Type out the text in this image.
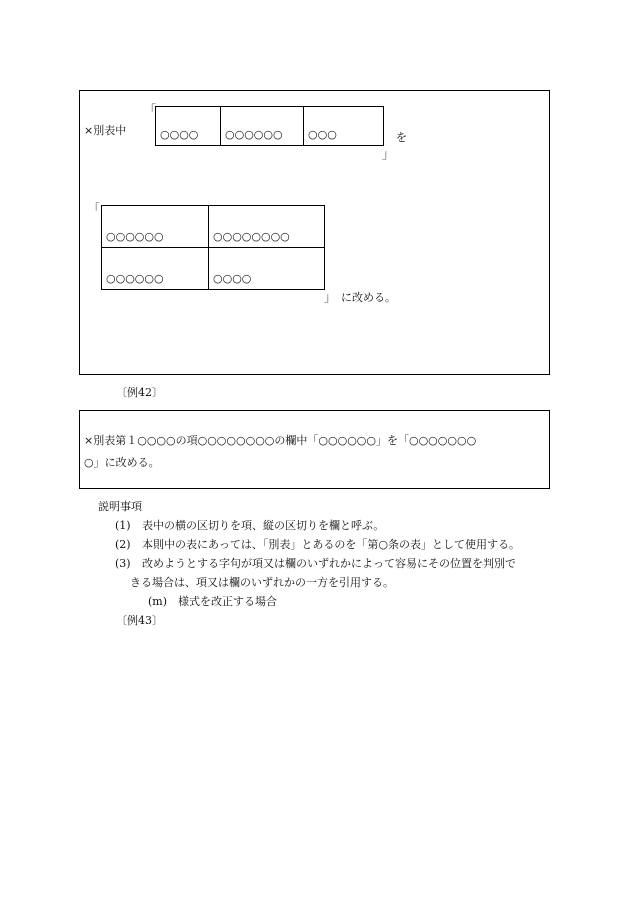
×別表中
「
○○○○	○○○○○○	○○○
」
を
「
○○○○○○	○○○○○○○○

○○○○○○	○○○○
」 に改める。
〔例42〕
×別表第１○○○○の項○○○○○○○○の欄中「○○○○○○」を「○○○○○○○
○」に改める。
説明事項
(1) 表中の横の区切りを項、縦の区切りを欄と呼ぶ。
(2) 本則中の表にあっては、「別表」とあるのを「第○条の表」として使用する。
(3) 改めようとする字句が項又は欄のいずれかによって容易にその位置を判別で
きる場合は、項又は欄のいずれかの一方を引用する。
(m) 様式を改正する場合
〔例43〕
